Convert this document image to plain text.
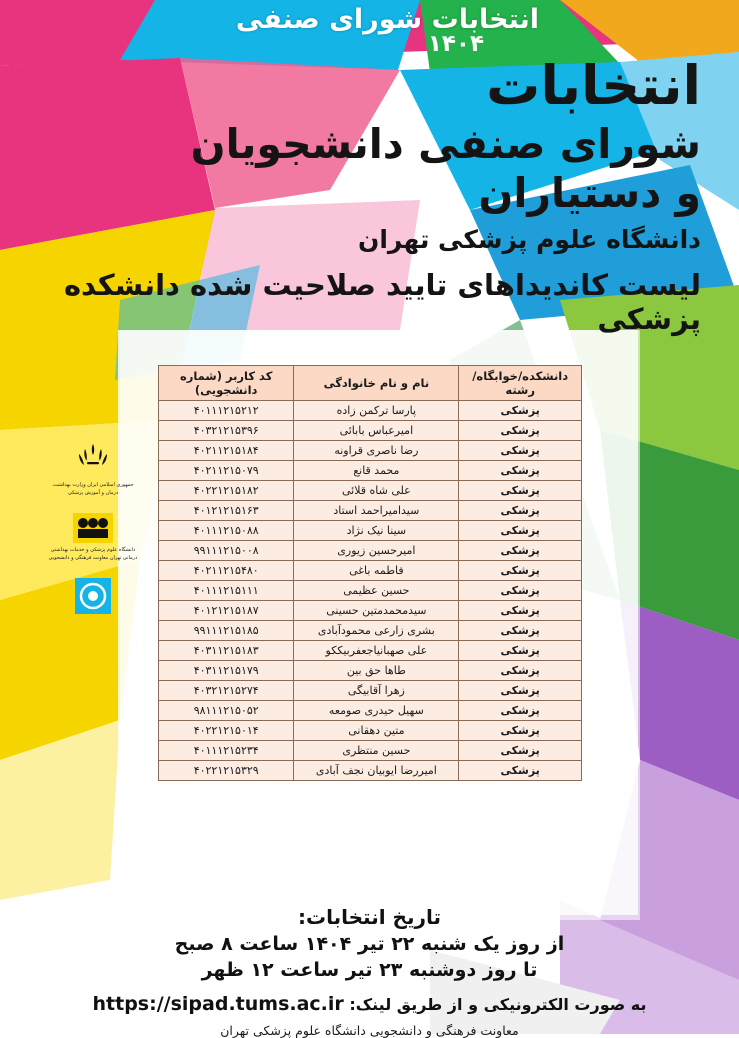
انتخابات شورای صنفی
۱۴۰۴
انتخابات
شورای صنفی دانشجویان
و دستیاران
دانشگاه علوم پزشکی تهران
لیست کاندیداهای تایید صلاحیت شده دانشکده پزشکی
جمهوری اسلامی ایران وزارت بهداشت، درمان و آموزش پزشکی
دانشگاه علوم پزشکی و خدمات بهداشتی درمانی تهران معاونت فرهنگی و دانشجویی
دانشکده/خوابگاه/رشته	نام و نام خانوادگی	کد کاربر (شماره دانشجویی)
پزشکی	پارسا ترکمن زاده	۴۰۱۱۱۲۱۵۲۱۲
پزشکی	امیرعباس بابائی	۴۰۳۲۱۲۱۵۳۹۶
پزشکی	رضا ناصری قراونه	۴۰۲۱۱۲۱۵۱۸۴
پزشکی	محمد قانع	۴۰۲۱۱۲۱۵۰۷۹
پزشکی	علی شاه قلائی	۴۰۲۲۱۲۱۵۱۸۲
پزشکی	سیدامیراحمد استاد	۴۰۱۲۱۲۱۵۱۶۳
پزشکی	سینا نیک نژاد	۴۰۱۱۱۲۱۵۰۸۸
پزشکی	امیرحسین زیوری	۹۹۱۱۱۲۱۵۰۰۸
پزشکی	فاطمه باغی	۴۰۲۱۱۲۱۵۴۸۰
پزشکی	حسین عظیمی	۴۰۱۱۱۲۱۵۱۱۱
پزشکی	سیدمحمدمتین حسینی	۴۰۱۲۱۲۱۵۱۸۷
پزشکی	بشری زارعی محمودآبادی	۹۹۱۱۱۲۱۵۱۸۵
پزشکی	علی صهبانیاجعفربیککو	۴۰۳۱۱۲۱۵۱۸۳
پزشکی	طاها حق بین	۴۰۳۱۱۲۱۵۱۷۹
پزشکی	زهرا آقابیگی	۴۰۳۲۱۲۱۵۲۷۴
پزشکی	سهیل حیدری صومعه	۹۸۱۱۱۲۱۵۰۵۲
پزشکی	متین دهقانی	۴۰۲۲۱۲۱۵۰۱۴
پزشکی	حسین منتظری	۴۰۱۱۱۲۱۵۲۳۴
پزشکی	امیررضا ایوبیان نجف آبادی	۴۰۲۲۱۲۱۵۳۲۹
تاریخ انتخابات:
از روز یک شنبه ۲۲ تیر ۱۴۰۴ ساعت ۸ صبح
تا روز دوشنبه ۲۳ تیر ساعت ۱۲ ظهر
به صورت الکترونیکی و از طریق لینک: https://sipad.tums.ac.ir
معاونت فرهنگی و دانشجویی دانشگاه علوم پزشکی تهران
